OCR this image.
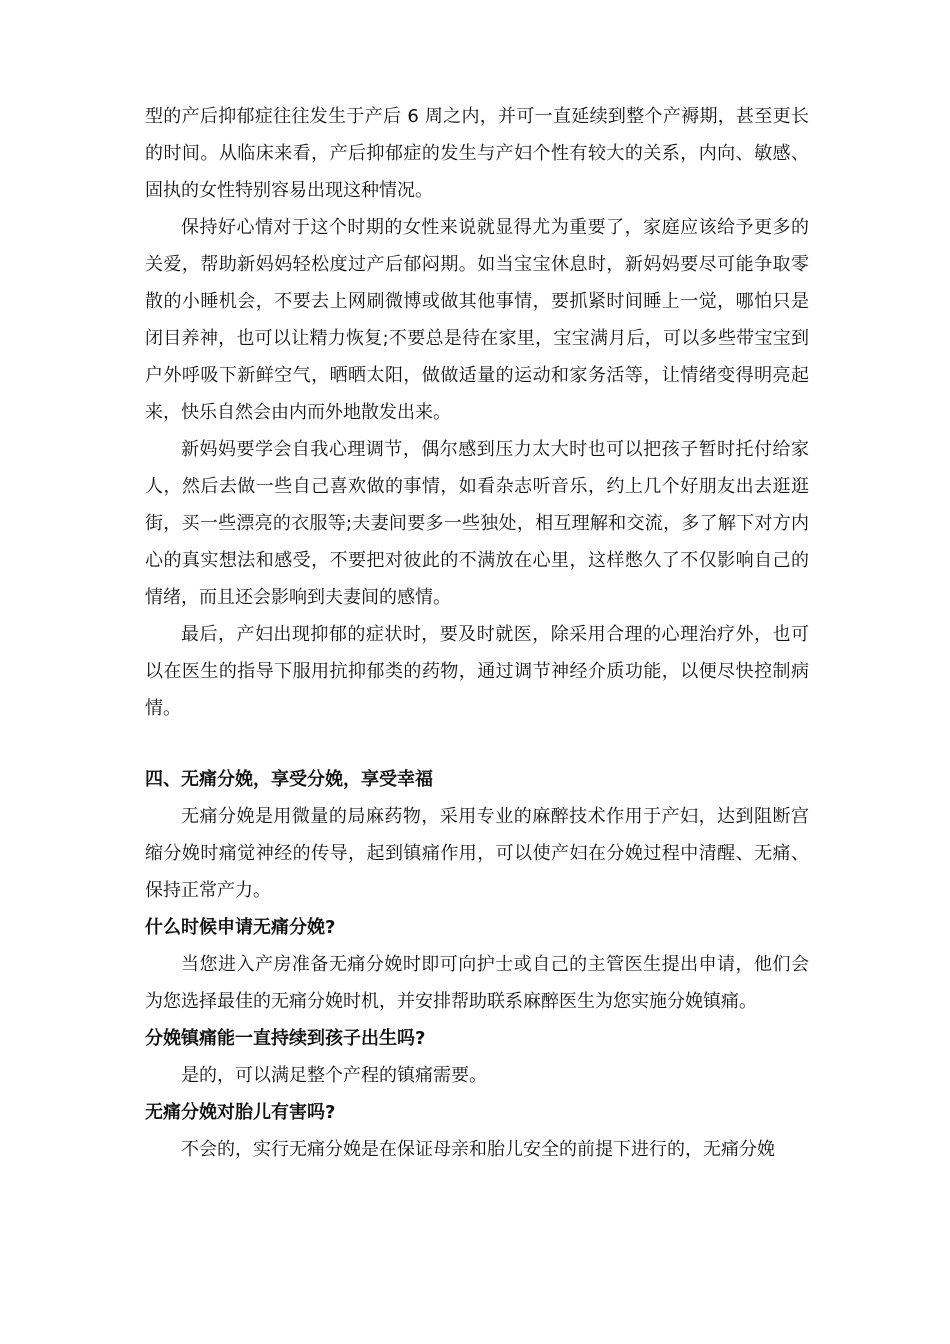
型的产后抑郁症往往发生于产后 6 周之内，并可一直延续到整个产褥期，甚至更长的时间。从临床来看，产后抑郁症的发生与产妇个性有较大的关系，内向、敏感、固执的女性特别容易出现这种情况。

保持好心情对于这个时期的女性来说就显得尤为重要了，家庭应该给予更多的关爱，帮助新妈妈轻松度过产后郁闷期。如当宝宝休息时，新妈妈要尽可能争取零散的小睡机会，不要去上网刷微博或做其他事情，要抓紧时间睡上一觉，哪怕只是闭目养神，也可以让精力恢复;不要总是待在家里，宝宝满月后，可以多些带宝宝到户外呼吸下新鲜空气，晒晒太阳，做做适量的运动和家务活等，让情绪变得明亮起来，快乐自然会由内而外地散发出来。

新妈妈要学会自我心理调节，偶尔感到压力太大时也可以把孩子暂时托付给家人，然后去做一些自己喜欢做的事情，如看杂志听音乐，约上几个好朋友出去逛逛街，买一些漂亮的衣服等;夫妻间要多一些独处，相互理解和交流，多了解下对方内心的真实想法和感受，不要把对彼此的不满放在心里，这样憋久了不仅影响自己的情绪，而且还会影响到夫妻间的感情。

最后，产妇出现抑郁的症状时，要及时就医，除采用合理的心理治疗外，也可以在医生的指导下服用抗抑郁类的药物，通过调节神经介质功能，以便尽快控制病情。

四、无痛分娩，享受分娩，享受幸福

无痛分娩是用微量的局麻药物，采用专业的麻醉技术作用于产妇，达到阻断宫缩分娩时痛觉神经的传导，起到镇痛作用，可以使产妇在分娩过程中清醒、无痛、保持正常产力。

什么时候申请无痛分娩?

当您进入产房准备无痛分娩时即可向护士或自己的主管医生提出申请，他们会为您选择最佳的无痛分娩时机，并安排帮助联系麻醉医生为您实施分娩镇痛。

分娩镇痛能一直持续到孩子出生吗?

是的，可以满足整个产程的镇痛需要。

无痛分娩对胎儿有害吗?

不会的，实行无痛分娩是在保证母亲和胎儿安全的前提下进行的，无痛分娩
